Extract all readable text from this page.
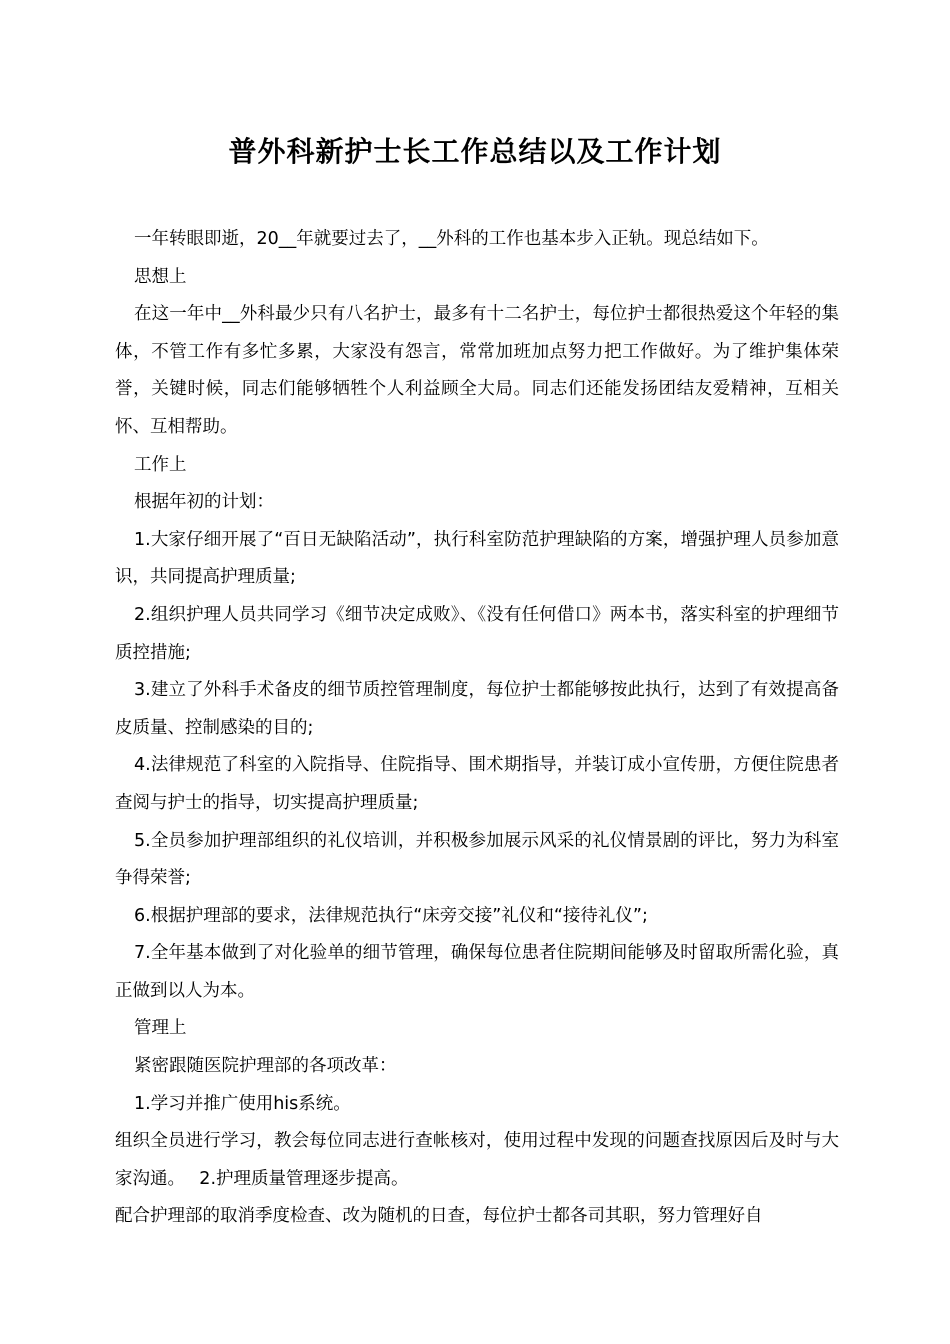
普外科新护士长工作总结以及工作计划

一年转眼即逝，20__年就要过去了，__外科的工作也基本步入正轨。现总结如下。

思想上

在这一年中__外科最少只有八名护士，最多有十二名护士，每位护士都很热爱这个年轻的集体，不管工作有多忙多累，大家没有怨言，常常加班加点努力把工作做好。为了维护集体荣誉，关键时候，同志们能够牺牲个人利益顾全大局。同志们还能发扬团结友爱精神，互相关怀、互相帮助。

工作上

根据年初的计划：

1.大家仔细开展了“百日无缺陷活动”，执行科室防范护理缺陷的方案，增强护理人员参加意识，共同提高护理质量;

2.组织护理人员共同学习《细节决定成败》、《没有任何借口》两本书，落实科室的护理细节质控措施;

3.建立了外科手术备皮的细节质控管理制度，每位护士都能够按此执行，达到了有效提高备皮质量、控制感染的目的;

4.法律规范了科室的入院指导、住院指导、围术期指导，并装订成小宣传册，方便住院患者查阅与护士的指导，切实提高护理质量;

5.全员参加护理部组织的礼仪培训，并积极参加展示风采的礼仪情景剧的评比，努力为科室争得荣誉;

6.根据护理部的要求，法律规范执行“床旁交接”礼仪和“接待礼仪”;

7.全年基本做到了对化验单的细节管理，确保每位患者住院期间能够及时留取所需化验，真正做到以人为本。

管理上

紧密跟随医院护理部的各项改革：

1.学习并推广使用his系统。

组织全员进行学习，教会每位同志进行查帐核对，使用过程中发现的问题查找原因后及时与大家沟通。　 2.护理质量管理逐步提高。

配合护理部的取消季度检查、改为随机的日查，每位护士都各司其职，努力管理好自
